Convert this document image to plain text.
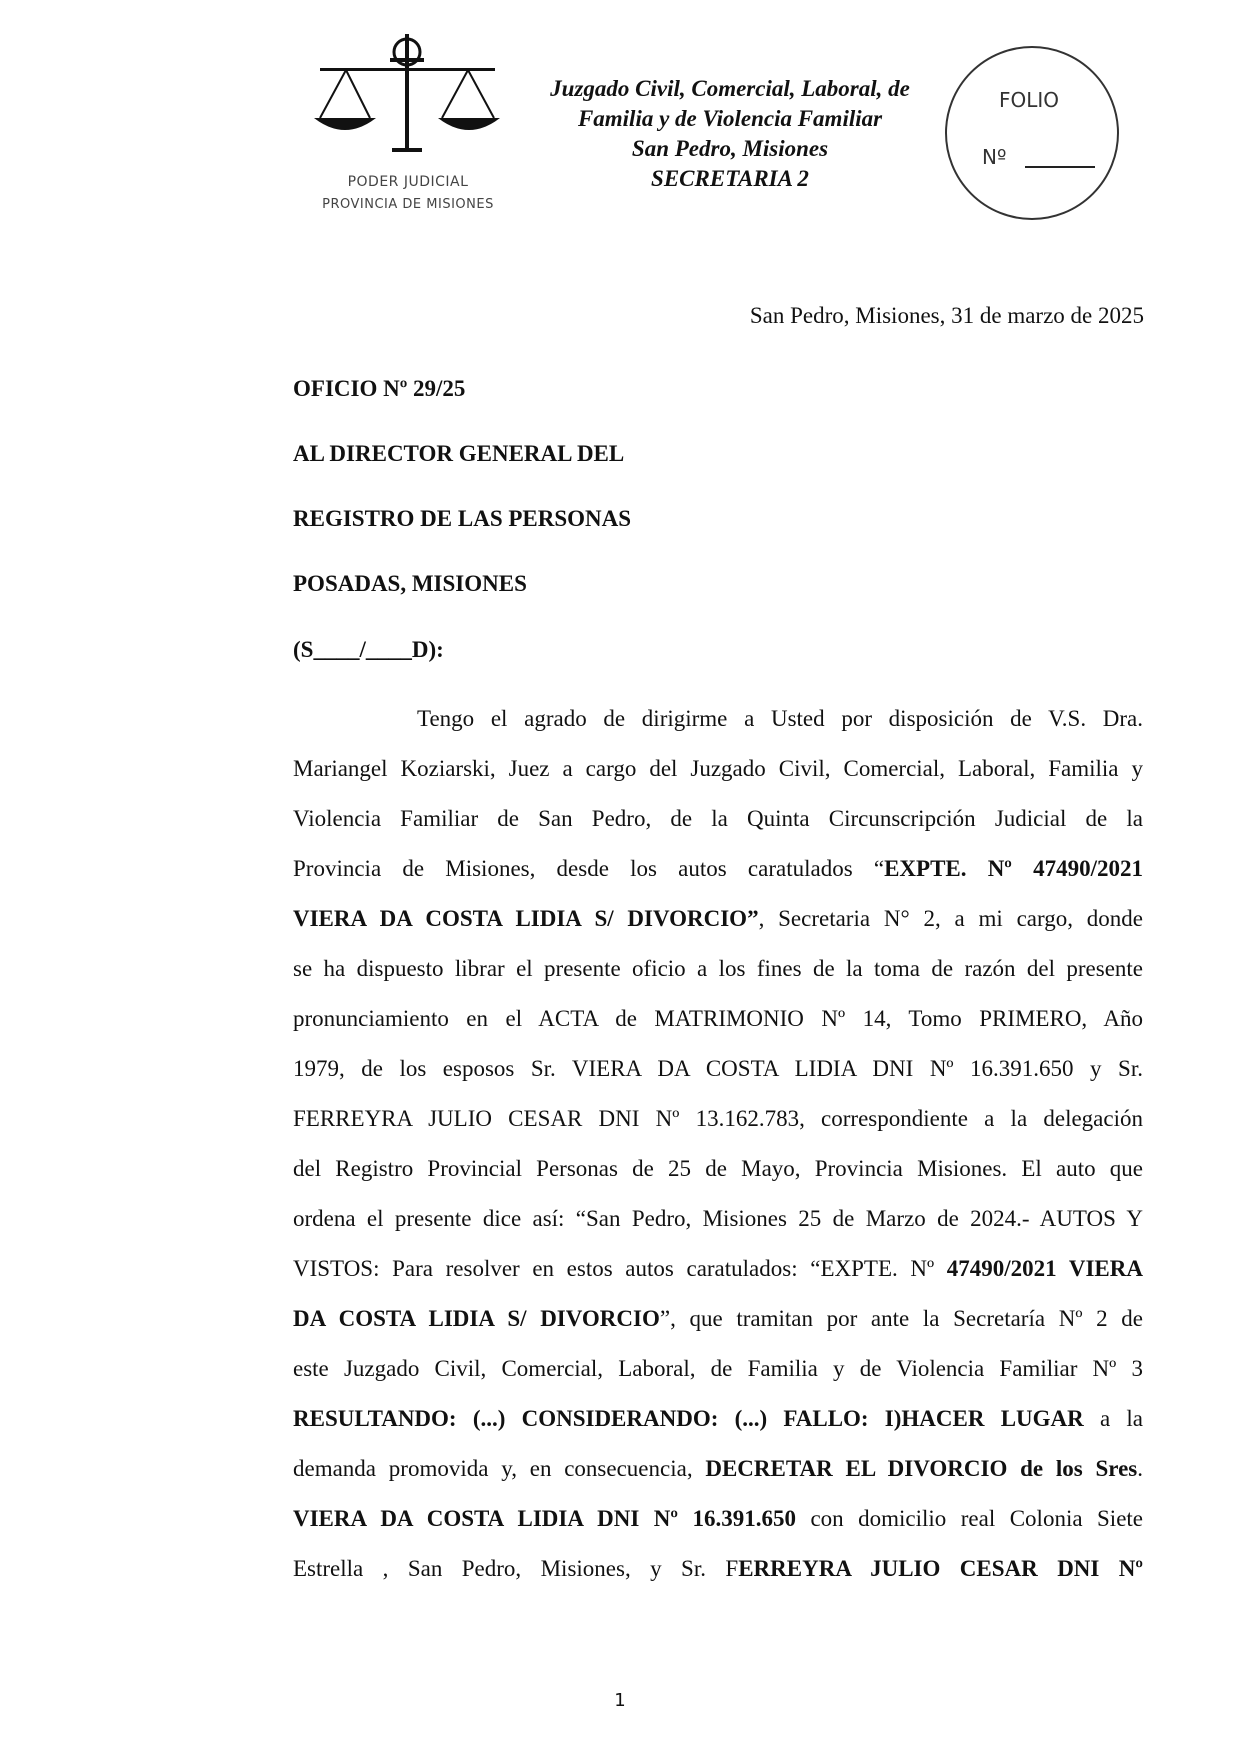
PODER JUDICIAL
PROVINCIA DE MISIONES
Juzgado Civil, Comercial, Laboral, de
Familia y de Violencia Familiar
San Pedro, Misiones
SECRETARIA 2
FOLIO
Nº
San Pedro, Misiones, 31 de marzo de 2025
OFICIO Nº 29/25
AL DIRECTOR GENERAL DEL
REGISTRO DE LAS PERSONAS
POSADAS, MISIONES
(S____/____D):
Tengo el agrado de dirigirme a Usted por disposición de V.S. Dra.
Mariangel Koziarski, Juez a cargo del Juzgado Civil, Comercial, Laboral, Familia y
Violencia Familiar de San Pedro, de la Quinta Circunscripción Judicial de la
Provincia de Misiones, desde los autos caratulados “EXPTE. Nº 47490/2021
VIERA DA COSTA LIDIA S/ DIVORCIO”, Secretaria N° 2, a mi cargo, donde
se ha dispuesto librar el presente oficio a los fines de la toma de razón del presente
pronunciamiento en el ACTA de MATRIMONIO Nº 14, Tomo PRIMERO, Año
1979, de los esposos Sr. VIERA DA COSTA LIDIA DNI Nº 16.391.650 y Sr.
FERREYRA JULIO CESAR DNI Nº 13.162.783, correspondiente a la delegación
del Registro Provincial Personas de 25 de Mayo, Provincia Misiones. El auto que
ordena el presente dice así: “San Pedro, Misiones 25 de Marzo de 2024.- AUTOS Y
VISTOS: Para resolver en estos autos caratulados: “EXPTE. Nº 47490/2021 VIERA
DA COSTA LIDIA S/ DIVORCIO”, que tramitan por ante la Secretaría Nº 2 de
este Juzgado Civil, Comercial, Laboral, de Familia y de Violencia Familiar Nº 3
RESULTANDO: (...) CONSIDERANDO: (...) FALLO: I)HACER LUGAR a la
demanda promovida y, en consecuencia, DECRETAR EL DIVORCIO de los Sres.
VIERA DA COSTA LIDIA DNI Nº 16.391.650 con domicilio real Colonia Siete
Estrella , San Pedro, Misiones, y Sr. FERREYRA JULIO CESAR DNI Nº
1
